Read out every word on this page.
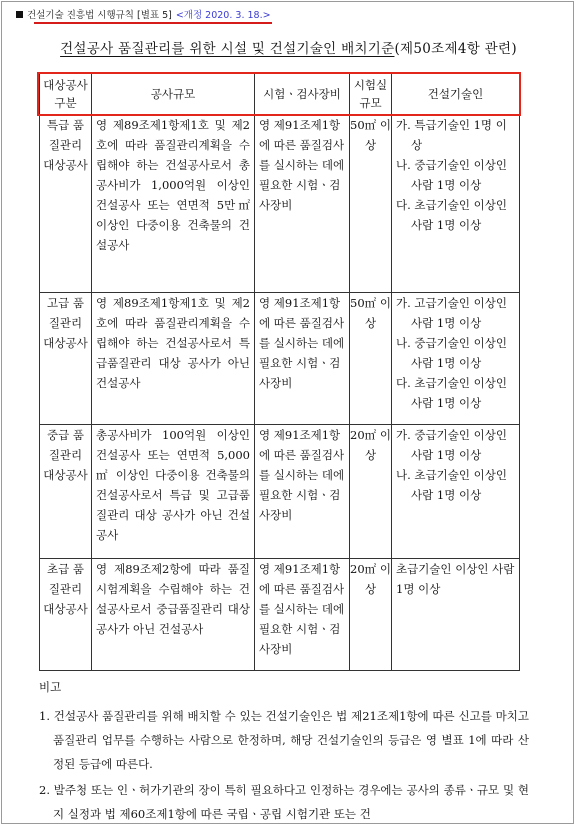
건설기술 진흥법 시행규칙 [별표 5] <개정 2020. 3. 18.>
건설공사 품질관리를 위한 시설 및 건설기술인 배치기준(제50조제4항 관련)
대상공사 구분	공사규모	시험ㆍ검사장비	시험실 규모	건설기술인
특급 품질관리 대상공사	영 제89조제1항제1호 및 제2호에 따라 품질관리계획을 수립해야 하는 건설공사로서 총공사비가 1,000억원 이상인 건설공사 또는 연면적 5만㎡ 이상인 다중이용 건축물의 건설공사	영 제91조제1항에 따른 품질검사를 실시하는 데에 필요한 시험ㆍ검사장비	50㎡ 이상	가. 특급기술인 1명 이상
나. 중급기술인 이상인 사람 1명 이상
다. 초급기술인 이상인 사람 1명 이상

고급 품질관리 대상공사	영 제89조제1항제1호 및 제2호에 따라 품질관리계획을 수립해야 하는 건설공사로서 특급품질관리 대상 공사가 아닌 건설공사	영 제91조제1항에 따른 품질검사를 실시하는 데에 필요한 시험ㆍ검사장비	50㎡ 이상	가. 고급기술인 이상인 사람 1명 이상
나. 중급기술인 이상인 사람 1명 이상
다. 초급기술인 이상인 사람 1명 이상

중급 품질관리 대상공사	총공사비가 100억원 이상인 건설공사 또는 연면적 5,000㎡ 이상인 다중이용 건축물의 건설공사로서 특급 및 고급품질관리 대상 공사가 아닌 건설공사	영 제91조제1항에 따른 품질검사를 실시하는 데에 필요한 시험ㆍ검사장비	20㎡ 이상	가. 중급기술인 이상인 사람 1명 이상
나. 초급기술인 이상인 사람 1명 이상

초급 품질관리 대상공사	영 제89조제2항에 따라 품질시험계획을 수립해야 하는 건설공사로서 중급품질관리 대상 공사가 아닌 건설공사	영 제91조제1항에 따른 품질검사를 실시하는 데에 필요한 시험ㆍ검사장비	20㎡ 이상	초급기술인 이상인 사람 1명 이상
비고
1. 건설공사 품질관리를 위해 배치할 수 있는 건설기술인은 법 제21조제1항에 따른 신고를 마치고 품질관리 업무를 수행하는 사람으로 한정하며, 해당 건설기술인의 등급은 영 별표 1에 따라 산정된 등급에 따른다.
2. 발주청 또는 인ㆍ허가기관의 장이 특히 필요하다고 인정하는 경우에는 공사의 종류ㆍ규모 및 현지 실정과 법 제60조제1항에 따른 국립ㆍ공립 시험기관 또는 건
